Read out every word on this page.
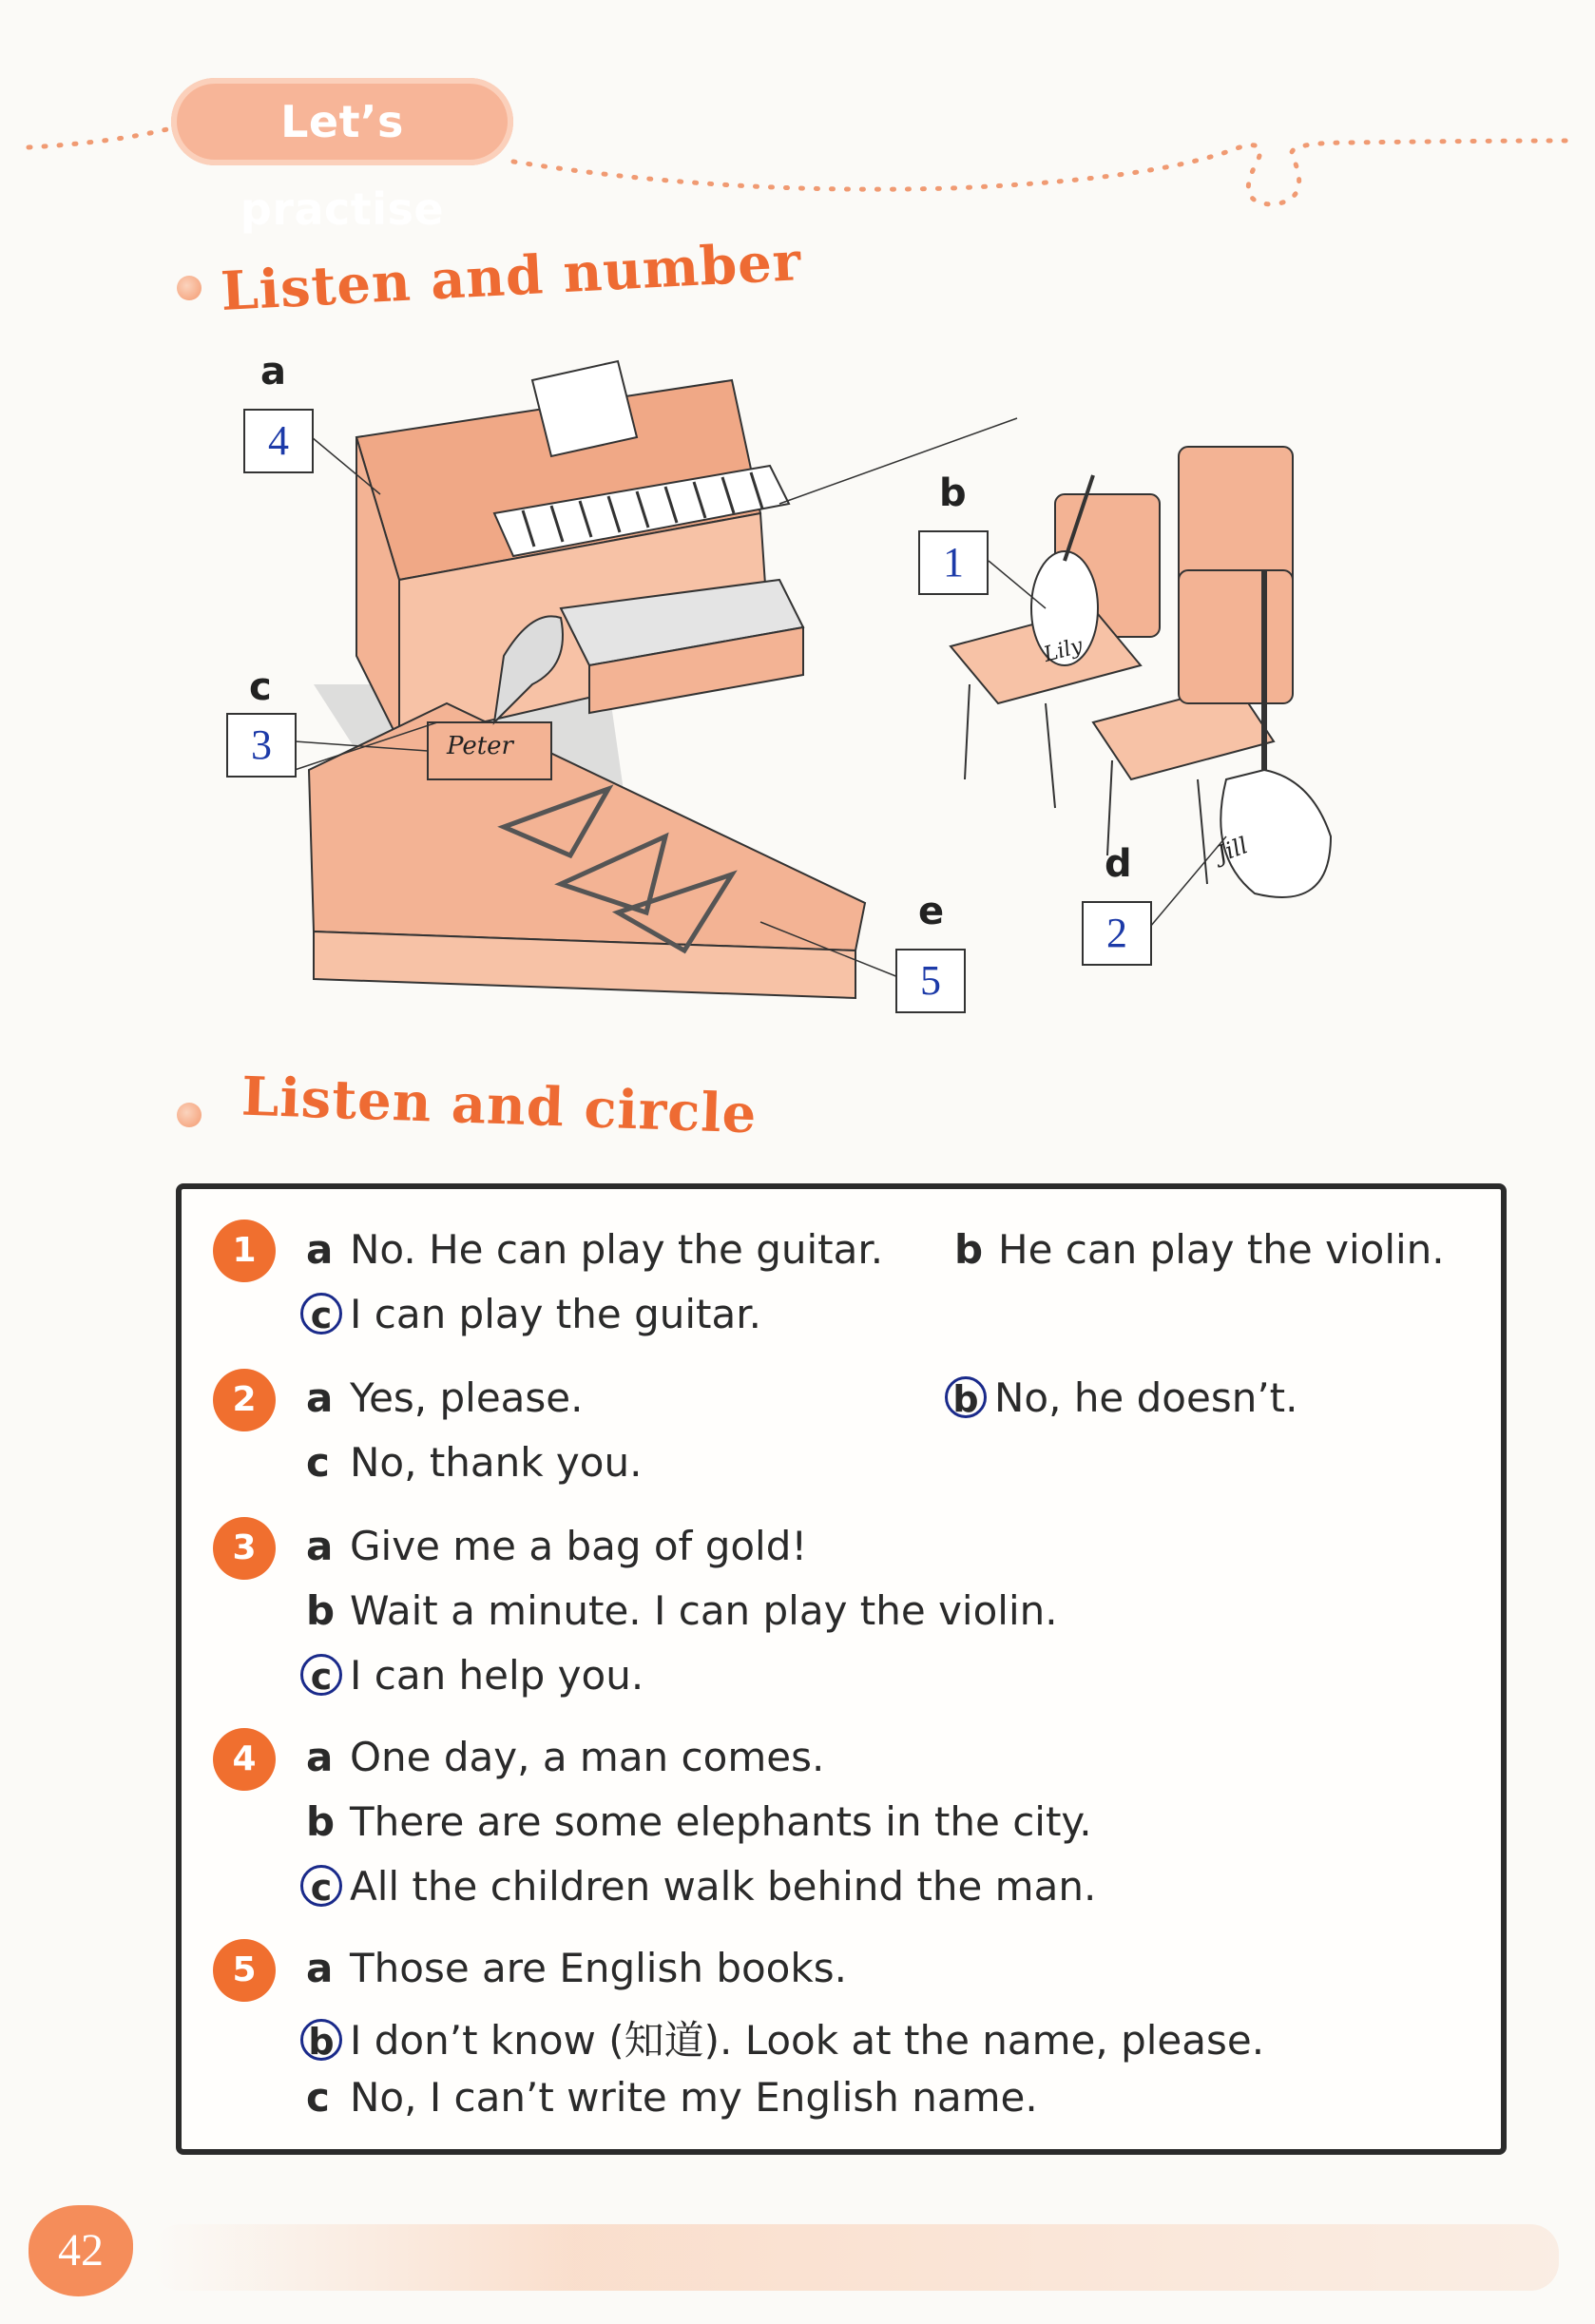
Let’s practise
Listen and number
Peter
Lily
Jill
a
4
b
1
c
3
d
2
e
5
Listen and circle
1	a No. He can play the guitar. b He can play the violin.
c I can play the guitar.
2	a Yes, please.	b No, he doesn’t.
c No, thank you.
3	a Give me a bag of gold!
b Wait a minute. I can play the violin.
c I can help you.
4	a One day, a man comes.
b There are some elephants in the city.
c All the children walk behind the man.
5	a Those are English books.
b I don’t know (知道). Look at the name, please.
c No, I can’t write my English name.
42
